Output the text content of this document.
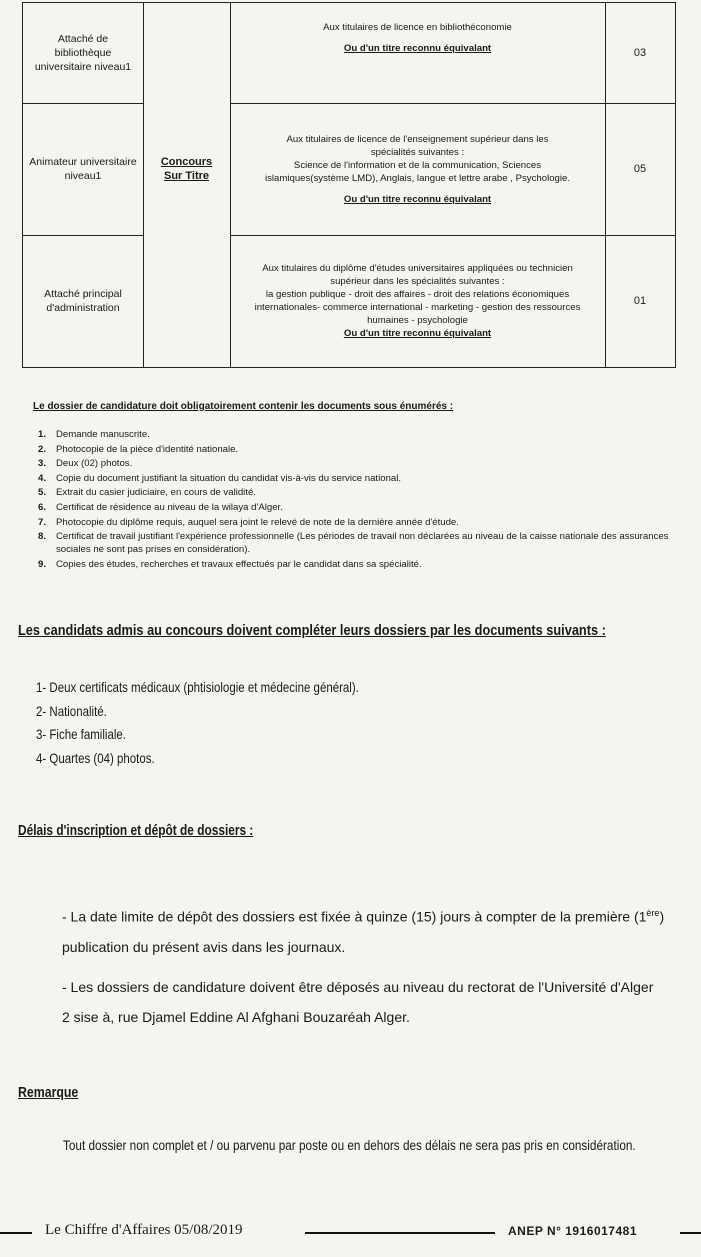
Attaché de bibliothèque universitaire niveau1
Aux titulaires de licence en bibliothéconomie
Ou d'un titre reconnu équivalant	03
Concours Sur Titre
Animateur universitaire niveau1
Aux titulaires de licence de l'enseignement supérieur dans les spécialités suivantes :
Science de l'information et de la communication, Sciences islamiques(système LMD), Anglais, langue et lettre arabe , Psychologie.
Ou d'un titre reconnu équivalant
05
Attaché principal d'administration
Aux titulaires du diplôme d'études universitaires appliquées ou technicien supérieur dans les spécialités suivantes :
la gestion publique - droit des affaires - droit des relations économiques internationales- commerce international - marketing - gestion des ressources humaines - psychologie
Ou d'un titre reconnu équivalant
01
Le dossier de candidature doit obligatoirement contenir les documents sous énumérés :
1. Demande manuscrite.
2. Photocopie de la pièce d'identité nationale.
3. Deux (02) photos.
4. Copie du document justifiant la situation du candidat vis-à-vis du service national.
5. Extrait du casier judiciaire, en cours de validité.
6. Certificat de résidence au niveau de la wilaya d'Alger.
7. Photocopie du diplôme requis, auquel sera joint le relevé de note de la dernière année d'étude.
8. Certificat de travail justifiant l'expérience professionnelle (Les périodes de travail non déclarées au niveau de la caisse nationale des assurances sociales ne sont pas prises en considération).
9. Copies des études, recherches et travaux effectués par le candidat dans sa spécialité.
Les candidats admis au concours doivent compléter leurs dossiers par les documents suivants :
1- Deux certificats médicaux (phtisiologie et médecine général).
2- Nationalité.
3- Fiche familiale.
4- Quartes (04) photos.
Délais d'inscription et dépôt de dossiers :
- La date limite de dépôt des dossiers est fixée à quinze (15) jours à compter de la première (1ère) publication du présent avis dans les journaux.
- Les dossiers de candidature doivent être déposés au niveau du rectorat de l'Université d'Alger 2 sise à, rue Djamel Eddine Al Afghani Bouzaréah Alger.
Remarque
Tout dossier non complet et / ou parvenu par poste ou en dehors des délais ne sera pas pris en considération.
Le Chiffre d'Affaires 05/08/2019	ANEP N° 1916017481
